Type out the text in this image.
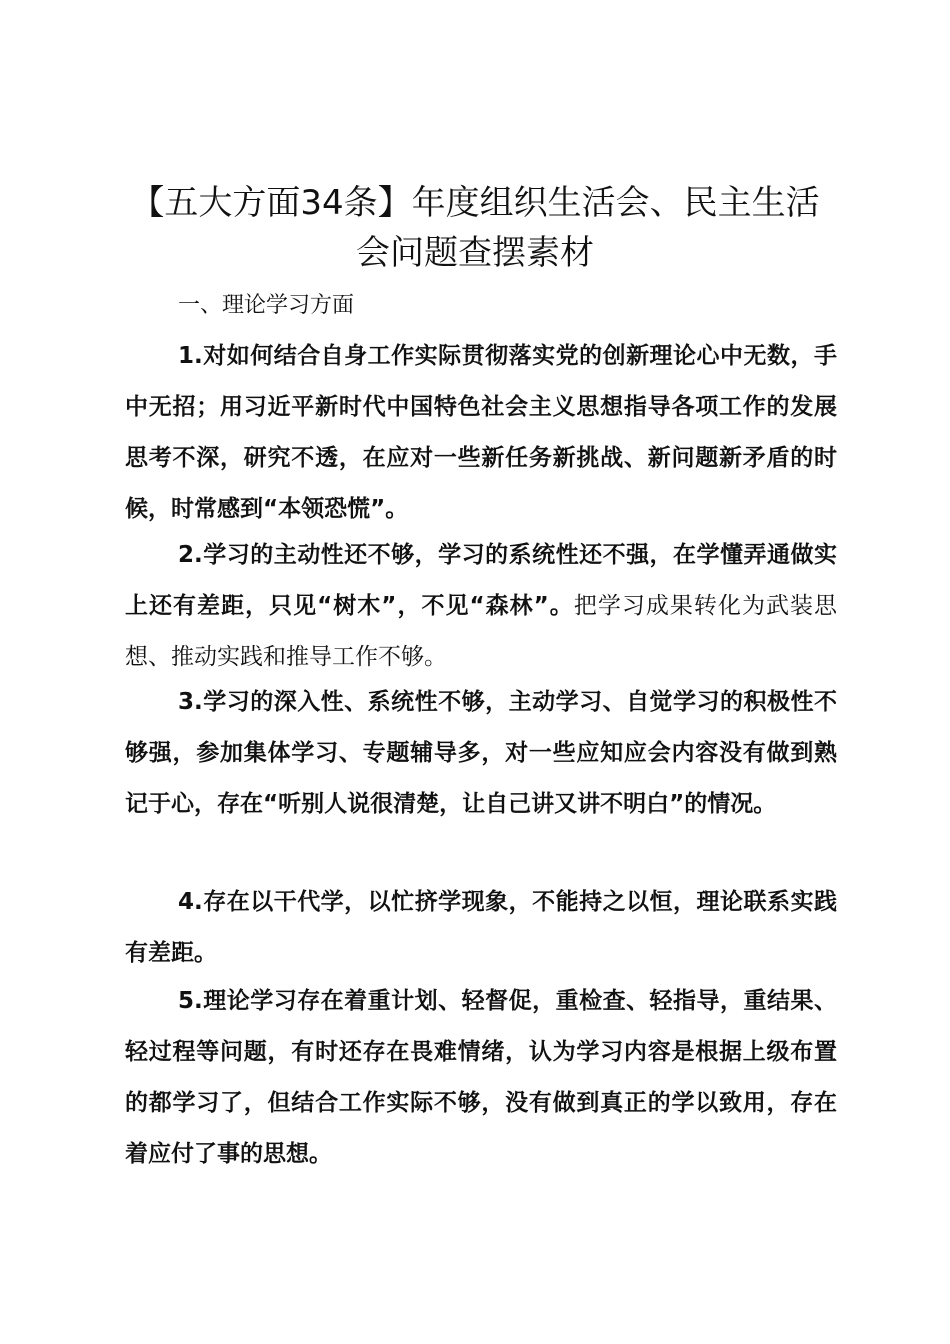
【五大方面34条】年度组织生活会、民主生活会问题查摆素材

一、理论学习方面

1.对如何结合自身工作实际贯彻落实党的创新理论心中无数，手中无招；用习近平新时代中国特色社会主义思想指导各项工作的发展思考不深，研究不透，在应对一些新任务新挑战、新问题新矛盾的时候，时常感到“本领恐慌”。

2.学习的主动性还不够，学习的系统性还不强，在学懂弄通做实上还有差距，只见“树木”，不见“森林”。把学习成果转化为武装思想、推动实践和推导工作不够。

3.学习的深入性、系统性不够，主动学习、自觉学习的积极性不够强，参加集体学习、专题辅导多，对一些应知应会内容没有做到熟记于心，存在“听别人说很清楚，让自己讲又讲不明白”的情况。

4.存在以干代学，以忙挤学现象，不能持之以恒，理论联系实践有差距。

5.理论学习存在着重计划、轻督促，重检查、轻指导，重结果、轻过程等问题，有时还存在畏难情绪，认为学习内容是根据上级布置的都学习了，但结合工作实际不够，没有做到真正的学以致用，存在着应付了事的思想。
